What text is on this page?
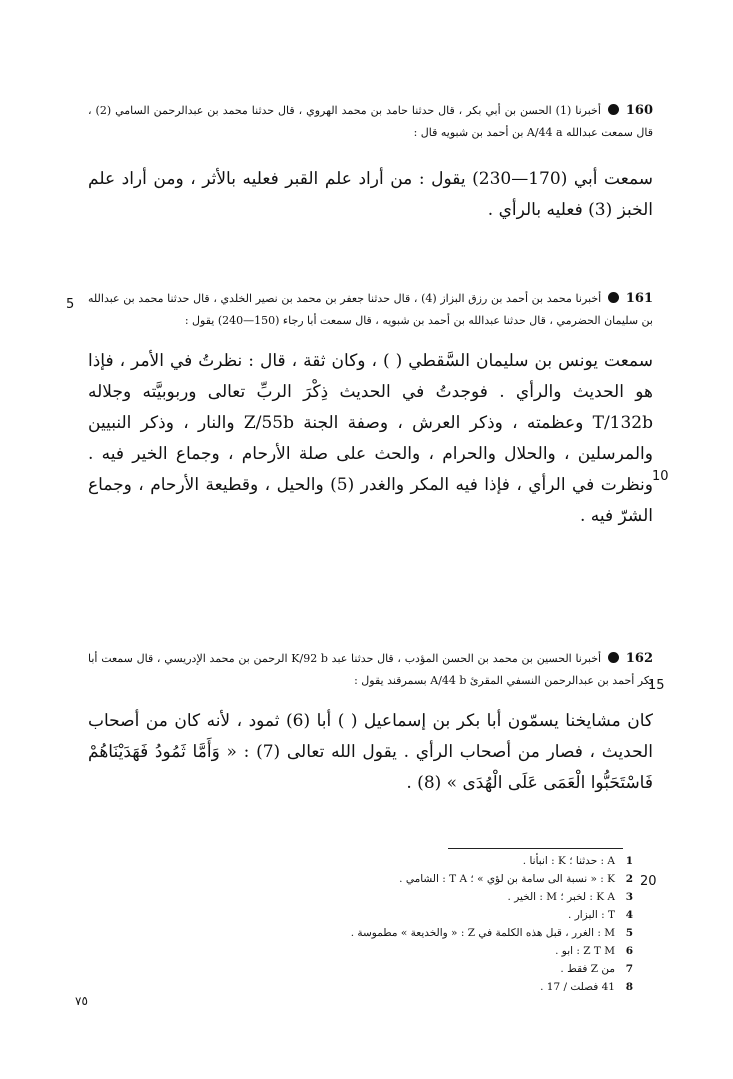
160 أخبرنا (1) الحسن بن أبي بكر ، قال حدثنا حامد بن محمد الهروي ، قال حدثنا محمد بن عبدالرحمن السامي (2) ، قال سمعت عبدالله A/44 a بن أحمد بن شبويه قال :
سمعت أبي (170—230) يقول : من أراد علم القبر فعليه بالأثر ، ومن أراد علم الخبز (3) فعليه بالرأي .
5	161 أخبرنا محمد بن أحمد بن رزق البزاز (4) ، قال حدثنا جعفر بن محمد بن نصير الخلدي ، قال حدثنا محمد بن عبدالله بن سليمان الحضرمي ، قال حدثنا عبدالله بن أحمد بن شبويه ، قال سمعت أبا رجاء (150—240) يقول :
سمعت يونس بن سليمان السَّقطي ( ) ، وكان ثقة ، قال : نظرتُ في الأمر ، فإذا هو الحديث والرأي . فوجدتُ في الحديث ذِكْرَ الربِّ تعالى وربوبيَّته وجلاله T/132b وعظمته ، وذكر العرش ، وصفة الجنة Z/55b والنار ، وذكر النبيين والمرسلين ، والحلال والحرام ، والحث على صلة الأرحام ، وجماع الخير فيه . ونظرت في الرأي ، فإذا فيه المكر والغدر (5) والحيل ، وقطيعة الأرحام ، وجماع الشرّ فيه .
10
162 أخبرنا الحسين بن محمد بن الحسن المؤدب ، قال حدثنا عبد K/92 b الرحمن بن محمد الإدريسي ، قال سمعت أبا بكر أحمد بن عبدالرحمن النسفي المقرئ A/44 b بسمرقند يقول :
كان مشايخنا يسمّون أبا بكر بن إسماعيل ( ) أبا (6) ثمود ، لأنه كان من أصحاب الحديث ، فصار من أصحاب الرأي . يقول الله تعالى (7) : « وَأَمَّا ثَمُودُ فَهَدَيْنَاهُمْ فَاسْتَحَبُّوا الْعَمَى عَلَى الْهُدَى » (8) .
15
20
1A : حدثنا ؛ K : انبأنا .
2K : « نسبة الى سامة بن لؤي » ؛ T A : الشامي .
3K A : لخبر ؛ M : الخير .
4T : البزار .
5M : الغرر ، قبل هذه الكلمة في Z : « والخديعة » مطموسة .
6Z T M : ابو .
7من Z فقط .
841 فصلت / 17 .
٧٥
